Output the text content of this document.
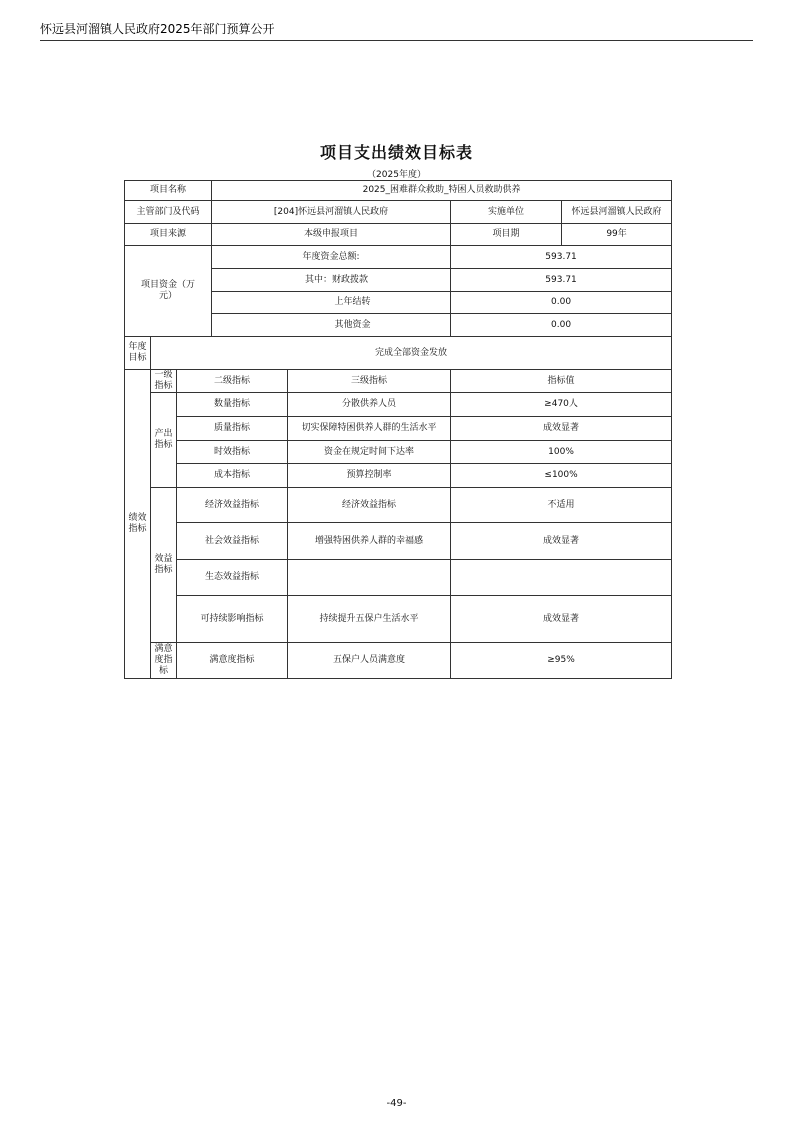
怀远县河溜镇人民政府2025年部门预算公开
项目支出绩效目标表
（2025年度）
项目名称			2025_困难群众救助_特困人员救助供养			
主管部门及代码			[204]怀远县河溜镇人民政府		实施单位	怀远县河溜镇人民政府
项目来源			本级申报项目		项目期	99年
项目资金（万元）			年度资金总额:		593.71	
			其中：财政拨款		593.71	
			上年结转		0.00	
			其他资金		0.00	
年度目标	完成全部资金发放					
绩效指标	一级指标	二级指标		三级指标	指标值	
	产出指标	数量指标		分散供养人员	≥470人	
		质量指标		切实保障特困供养人群的生活水平	成效显著	
		时效指标		资金在规定时间下达率	100%	
		成本指标		预算控制率	≤100%	
	效益指标	经济效益指标		经济效益指标	不适用	
		社会效益指标		增强特困供养人群的幸福感	成效显著	
		生态效益指标				
		可持续影响指标		持续提升五保户生活水平	成效显著	
	满意度指标	满意度指标		五保户人员满意度	≥95%	
-49-
